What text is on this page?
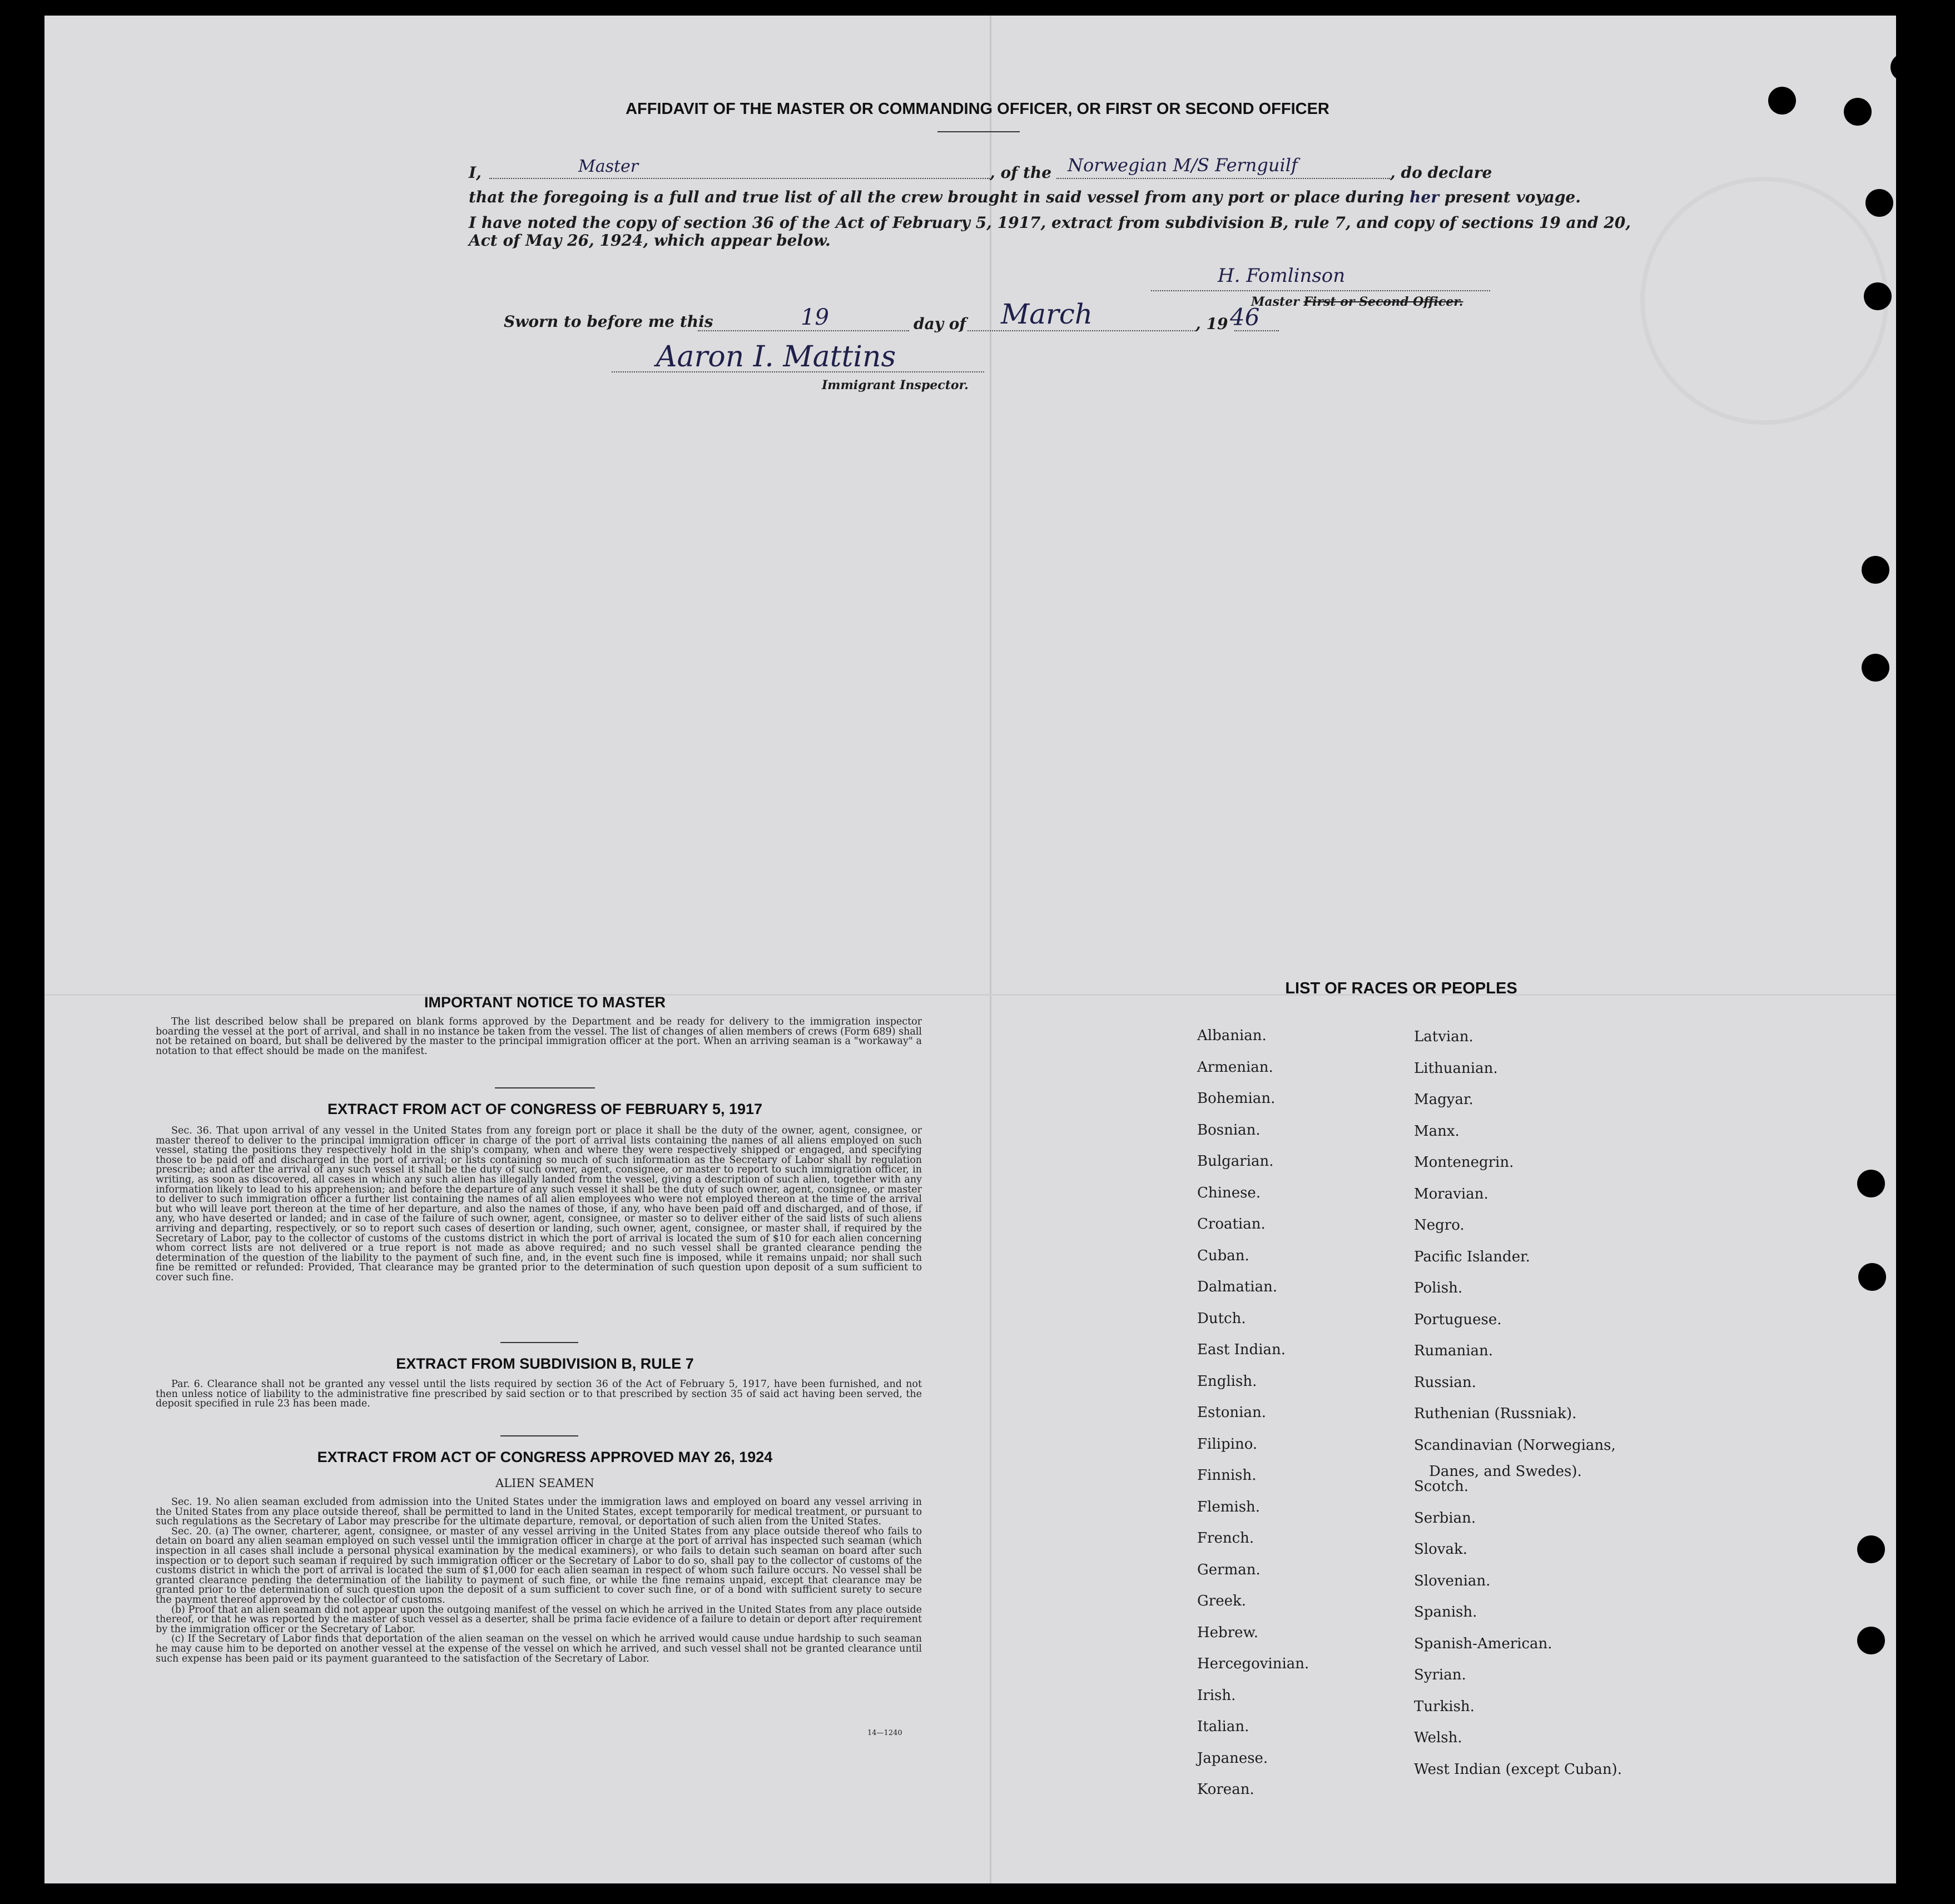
AFFIDAVIT OF THE MASTER OR COMMANDING OFFICER, OR FIRST OR SECOND OFFICER
I,	Master	, of the Norwegian M/S Fernguilf	, do declare
that the foregoing is a full and true list of all the crew brought in said vessel from any port or place during her present voyage.
I have noted the copy of section 36 of the Act of February 5, 1917, extract from subdivision B, rule 7, and copy of sections 19 and 20,
Act of May 26, 1924, which appear below.
H. Fomlinson
Master First or Second Officer.
Sworn to before me this	19	day of March	, 19 46
Aaron I. Mattins
Immigrant Inspector.
IMPORTANT NOTICE TO MASTER

The list described below shall be prepared on blank forms approved by the Department and be ready for delivery to the immigration inspector boarding the vessel at the port of arrival, and shall in no instance be taken from the vessel. The list of changes of alien members of crews (Form 689) shall not be retained on board, but shall be delivered by the master to the principal immigration officer at the port. When an arriving seaman is a "workaway" a notation to that effect should be made on the manifest.

EXTRACT FROM ACT OF CONGRESS OF FEBRUARY 5, 1917

Sec. 36. That upon arrival of any vessel in the United States from any foreign port or place it shall be the duty of the owner, agent, consignee, or master thereof to deliver to the principal immigration officer in charge of the port of arrival lists containing the names of all aliens employed on such vessel, stating the positions they respectively hold in the ship's company, when and where they were respectively shipped or engaged, and specifying those to be paid off and discharged in the port of arrival; or lists containing so much of such information as the Secretary of Labor shall by regulation prescribe; and after the arrival of any such vessel it shall be the duty of such owner, agent, consignee, or master to report to such immigration officer, in writing, as soon as discovered, all cases in which any such alien has illegally landed from the vessel, giving a description of such alien, together with any information likely to lead to his apprehension; and before the departure of any such vessel it shall be the duty of such owner, agent, consignee, or master to deliver to such immigration officer a further list containing the names of all alien employees who were not employed thereon at the time of the arrival but who will leave port thereon at the time of her departure, and also the names of those, if any, who have been paid off and discharged, and of those, if any, who have deserted or landed; and in case of the failure of such owner, agent, consignee, or master so to deliver either of the said lists of such aliens arriving and departing, respectively, or so to report such cases of desertion or landing, such owner, agent, consignee, or master shall, if required by the Secretary of Labor, pay to the collector of customs of the customs district in which the port of arrival is located the sum of $10 for each alien concerning whom correct lists are not delivered or a true report is not made as above required; and no such vessel shall be granted clearance pending the determination of the question of the liability to the payment of such fine, and, in the event such fine is imposed, while it remains unpaid; nor shall such fine be remitted or refunded: Provided, That clearance may be granted prior to the determination of such question upon deposit of a sum sufficient to cover such fine.

EXTRACT FROM SUBDIVISION B, RULE 7

Par. 6. Clearance shall not be granted any vessel until the lists required by section 36 of the Act of February 5, 1917, have been furnished, and not then unless notice of liability to the administrative fine prescribed by said section or to that prescribed by section 35 of said act having been served, the deposit specified in rule 23 has been made.

EXTRACT FROM ACT OF CONGRESS APPROVED MAY 26, 1924
ALIEN SEAMEN

Sec. 19. No alien seaman excluded from admission into the United States under the immigration laws and employed on board any vessel arriving in the United States from any place outside thereof, shall be permitted to land in the United States, except temporarily for medical treatment, or pursuant to such regulations as the Secretary of Labor may prescribe for the ultimate departure, removal, or deportation of such alien from the United States.

Sec. 20. (a) The owner, charterer, agent, consignee, or master of any vessel arriving in the United States from any place outside thereof who fails to detain on board any alien seaman employed on such vessel until the immigration officer in charge at the port of arrival has inspected such seaman (which inspection in all cases shall include a personal physical examination by the medical examiners), or who fails to detain such seaman on board after such inspection or to deport such seaman if required by such immigration officer or the Secretary of Labor to do so, shall pay to the collector of customs of the customs district in which the port of arrival is located the sum of $1,000 for each alien seaman in respect of whom such failure occurs. No vessel shall be granted clearance pending the determination of the liability to payment of such fine, or while the fine remains unpaid, except that clearance may be granted prior to the determination of such question upon the deposit of a sum sufficient to cover such fine, or of a bond with sufficient surety to secure the payment thereof approved by the collector of customs.

(b) Proof that an alien seaman did not appear upon the outgoing manifest of the vessel on which he arrived in the United States from any place outside thereof, or that he was reported by the master of such vessel as a deserter, shall be prima facie evidence of a failure to detain or deport after requirement by the immigration officer or the Secretary of Labor.

(c) If the Secretary of Labor finds that deportation of the alien seaman on the vessel on which he arrived would cause undue hardship to such seaman he may cause him to be deported on another vessel at the expense of the vessel on which he arrived, and such vessel shall not be granted clearance until such expense has been paid or its payment guaranteed to the satisfaction of the Secretary of Labor.

14—1240
LIST OF RACES OR PEOPLES
Albanian.
Armenian.
Bohemian.
Bosnian.
Bulgarian.
Chinese.
Croatian.
Cuban.
Dalmatian.
Dutch.
East Indian.
English.
Estonian.
Filipino.
Finnish.
Flemish.
French.
German.
Greek.
Hebrew.
Hercegovinian.
Irish.
Italian.
Japanese.
Korean.
Latvian.
Lithuanian.
Magyar.
Manx.
Montenegrin.
Moravian.
Negro.
Pacific Islander.
Polish.
Portuguese.
Rumanian.
Russian.
Ruthenian (Russniak).
Scandinavian (Norwegians,
Scotch.
Serbian.
Slovak.
Slovenian.
Spanish.
Spanish-American.
Syrian.
Turkish.
Welsh.
West Indian (except Cuban).
Danes, and Swedes).
